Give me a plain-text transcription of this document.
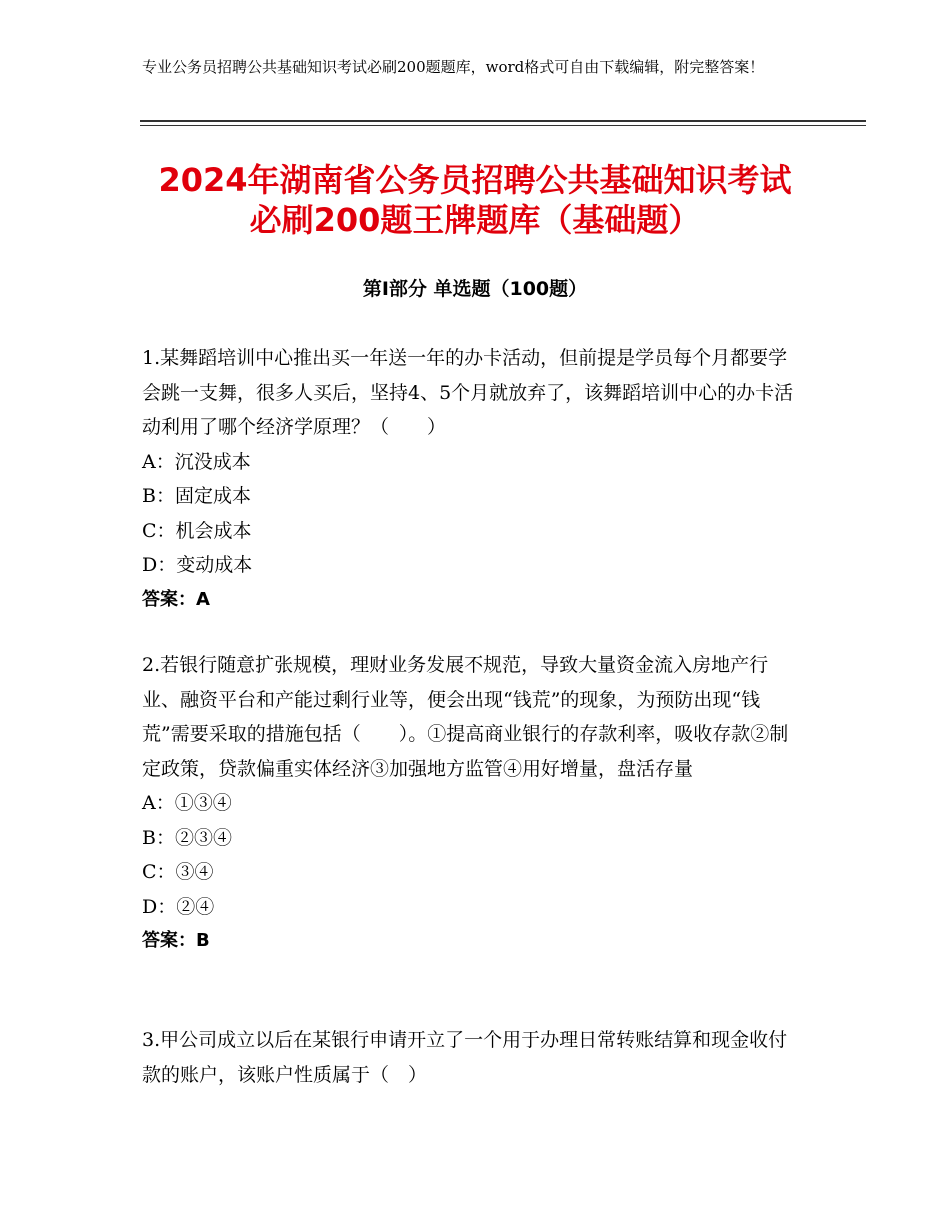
专业公务员招聘公共基础知识考试必刷200题题库，word格式可自由下载编辑，附完整答案！
2024年湖南省公务员招聘公共基础知识考试
必刷200题王牌题库（基础题）
第I部分 单选题（100题）

1.某舞蹈培训中心推出买一年送一年的办卡活动，但前提是学员每个月都要学会跳一支舞，很多人买后，坚持4、5个月就放弃了，该舞蹈培训中心的办卡活动利用了哪个经济学原理？（　　）

A：沉没成本

B：固定成本

C：机会成本

D：变动成本

答案：A

2.若银行随意扩张规模，理财业务发展不规范，导致大量资金流入房地产行业、融资平台和产能过剩行业等，便会出现“钱荒”的现象，为预防出现“钱荒”需要采取的措施包括（　　）。①提高商业银行的存款利率，吸收存款②制定政策，贷款偏重实体经济③加强地方监管④用好增量，盘活存量

A：①③④

B：②③④

C：③④

D：②④

答案：B

3.甲公司成立以后在某银行申请开立了一个用于办理日常转账结算和现金收付款的账户，该账户性质属于（　）
